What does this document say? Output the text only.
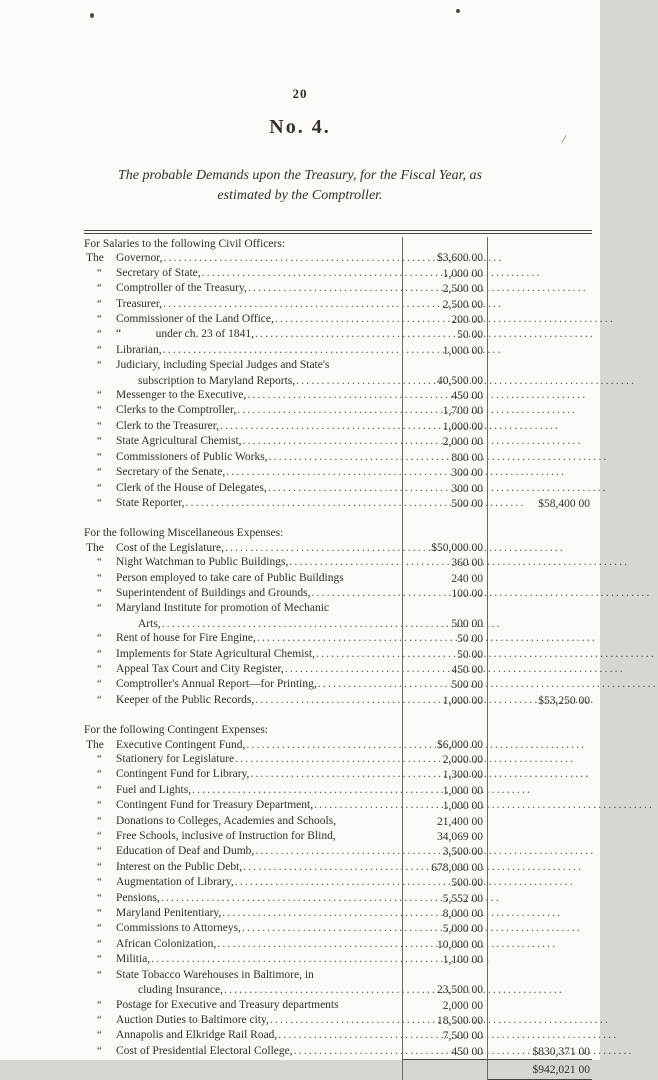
/
20
No. 4.
The probable Demands upon the Treasury, for the Fiscal Year, as
estimated by the Comptroller.
For Salaries to the following Civil Officers:
The	Governor, .....	$3,600 00
“	Secretary of State, .....	1,000 00
“	Comptroller of the Treasury, .....	2,500 00
“	Treasurer, .....	2,500 00
“	Commissioner of the Land Office, .....	200 00
“	“   under ch. 23 of 1841, .....	50 00
“	Librarian, .....	1,000 00
“	Judiciary, including Special Judges and State's
subscription to Maryland Reports, .....	40,500 00
“	Messenger to the Executive, .....	450 00
“	Clerks to the Comptroller, .....	1,700 00
“	Clerk to the Treasurer, .....	1,000 00
“	State Agricultural Chemist, .....	2,000 00
“	Commissioners of Public Works, .....	800 00
“	Secretary of the Senate, .....	300 00
“	Clerk of the House of Delegates, .....	300 00
“	State Reporter, .....	500 00	$58,400 00
For the following Miscellaneous Expenses:
The	Cost of the Legislature, .....	$50,000 00
“	Night Watchman to Public Buildings, .....	360 00
“	Person employed to take care of Public Buildings	240 00
“	Superintendent of Buildings and Grounds, .....	100 00
“	Maryland Institute for promotion of Mechanic
Arts, .....	500 00
“	Rent of house for Fire Engine, .....	50 00
“	Implements for State Agricultural Chemist, .....	50 00
“	Appeal Tax Court and City Register, .....	450 00
“	Comptroller's Annual Report—for Printing, .....	500 00
“	Keeper of the Public Records, .....	1,000 00	$53,250 00
For the following Contingent Expenses:
The	Executive Contingent Fund, .....	$6,000 00
“	Stationery for Legislature .....	2,000 00
“	Contingent Fund for Library, .....	1,300 00
“	Fuel and Lights, .....	1,000 00
“	Contingent Fund for Treasury Department, .....	1,000 00
“	Donations to Colleges, Academies and Schools,	21,400 00
“	Free Schools, inclusive of Instruction for Blind,	34,069 00
“	Education of Deaf and Dumb, .....	3,500 00
“	Interest on the Public Debt, .....	678,000 00
“	Augmentation of Library, .....	500 00
“	Pensions, .....	5,552 00
“	Maryland Penitentiary, .....	8,000 00
“	Commissions to Attorneys, .....	5,000 00
“	African Colonization, .....	10,000 00
“	Militia, .....	1,100 00
“	State Tobacco Warehouses in Baltimore, in
cluding Insurance, .....	23,500 00
“	Postage for Executive and Treasury departments	2,000 00
“	Auction Duties to Baltimore city, .....	18,500 00
“	Annapolis and Elkridge Rail Road, .....	7,500 00
“	Cost of Presidential Electoral College, .....	450 00	$830,371 00
$942,021 00
